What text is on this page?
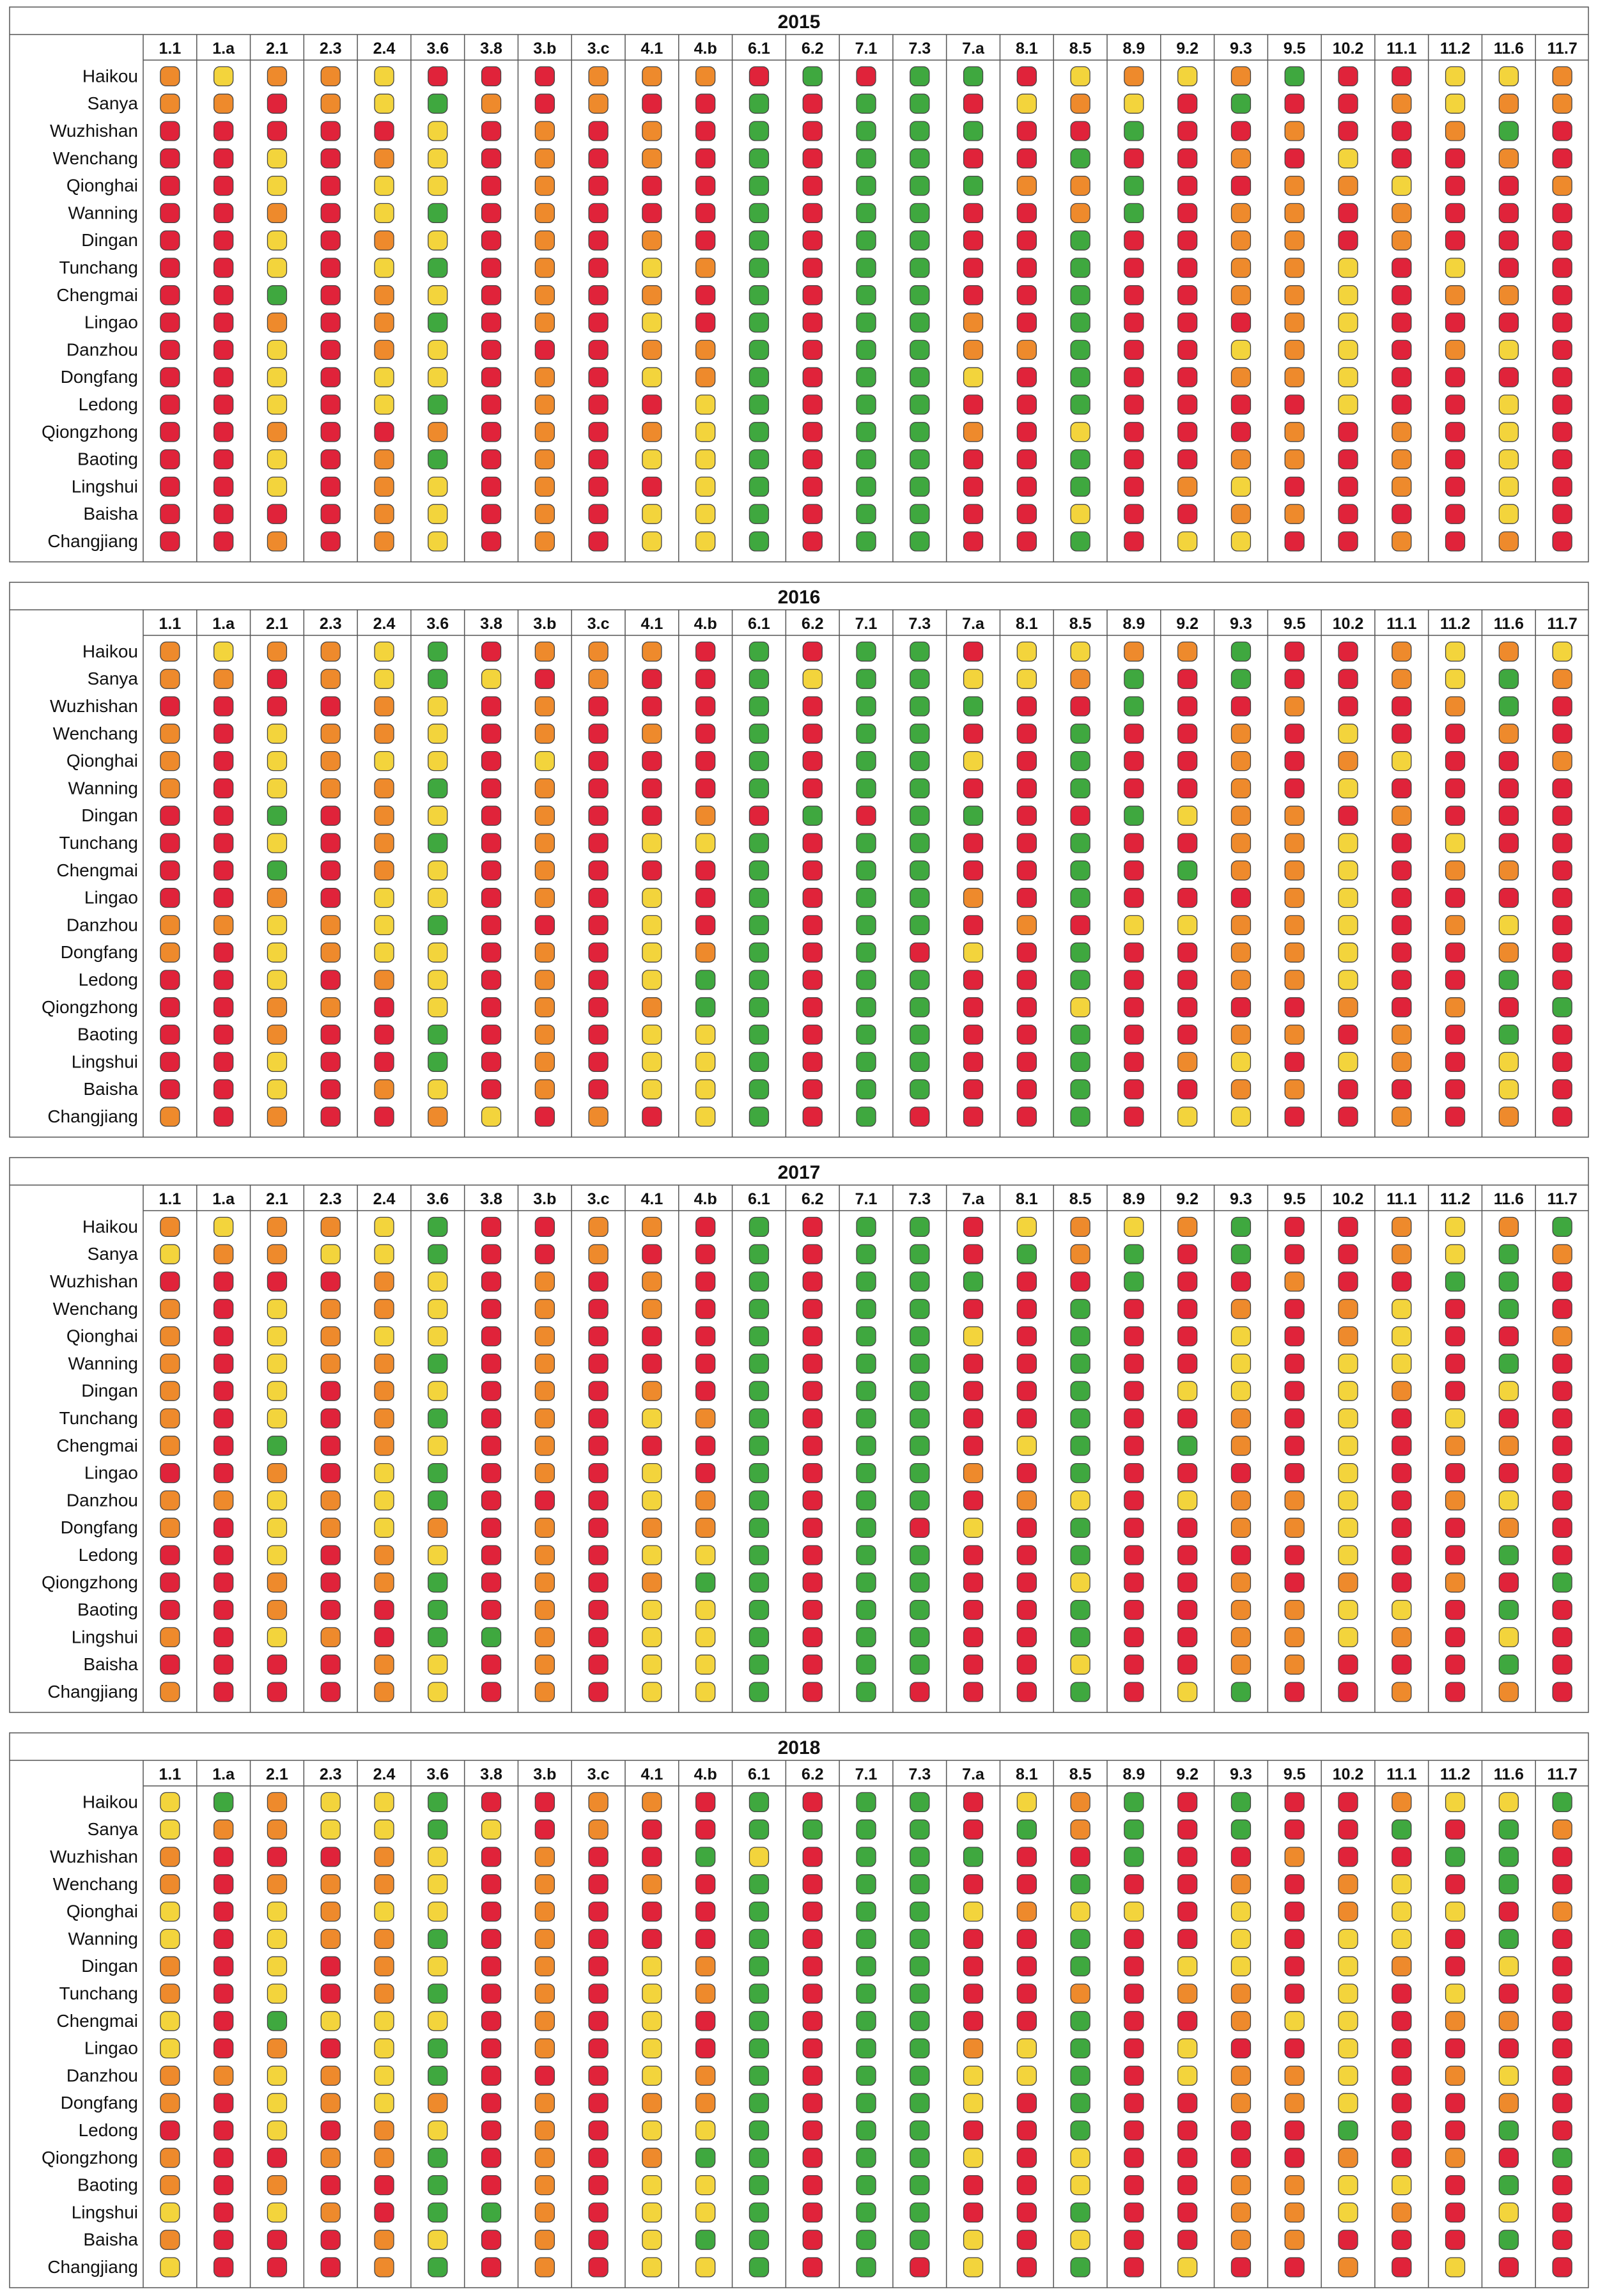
2015
1.1 1.a 2.1 2.3 2.4 3.6 3.8 3.b 3.c 4.1 4.b 6.1 6.2 7.1 7.3 7.a 8.1 8.5 8.9 9.2 9.3 9.5 10.2 11.1 11.2 11.6 11.7
Haikou
Sanya
Wuzhishan
Wenchang
Qionghai
Wanning
Dingan
Tunchang
Chengmai
Lingao
Danzhou
Dongfang
Ledong
Qiongzhong
Baoting
Lingshui
Baisha
Changjiang
2016
1.1 1.a 2.1 2.3 2.4 3.6 3.8 3.b 3.c 4.1 4.b 6.1 6.2 7.1 7.3 7.a 8.1 8.5 8.9 9.2 9.3 9.5 10.2 11.1 11.2 11.6 11.7
Haikou
Sanya
Wuzhishan
Wenchang
Qionghai
Wanning
Dingan
Tunchang
Chengmai
Lingao
Danzhou
Dongfang
Ledong
Qiongzhong
Baoting
Lingshui
Baisha
Changjiang
2017
1.1 1.a 2.1 2.3 2.4 3.6 3.8 3.b 3.c 4.1 4.b 6.1 6.2 7.1 7.3 7.a 8.1 8.5 8.9 9.2 9.3 9.5 10.2 11.1 11.2 11.6 11.7
Haikou
Sanya
Wuzhishan
Wenchang
Qionghai
Wanning
Dingan
Tunchang
Chengmai
Lingao
Danzhou
Dongfang
Ledong
Qiongzhong
Baoting
Lingshui
Baisha
Changjiang
2018
1.1 1.a 2.1 2.3 2.4 3.6 3.8 3.b 3.c 4.1 4.b 6.1 6.2 7.1 7.3 7.a 8.1 8.5 8.9 9.2 9.3 9.5 10.2 11.1 11.2 11.6 11.7
Haikou
Sanya
Wuzhishan
Wenchang
Qionghai
Wanning
Dingan
Tunchang
Chengmai
Lingao
Danzhou
Dongfang
Ledong
Qiongzhong
Baoting
Lingshui
Baisha
Changjiang
